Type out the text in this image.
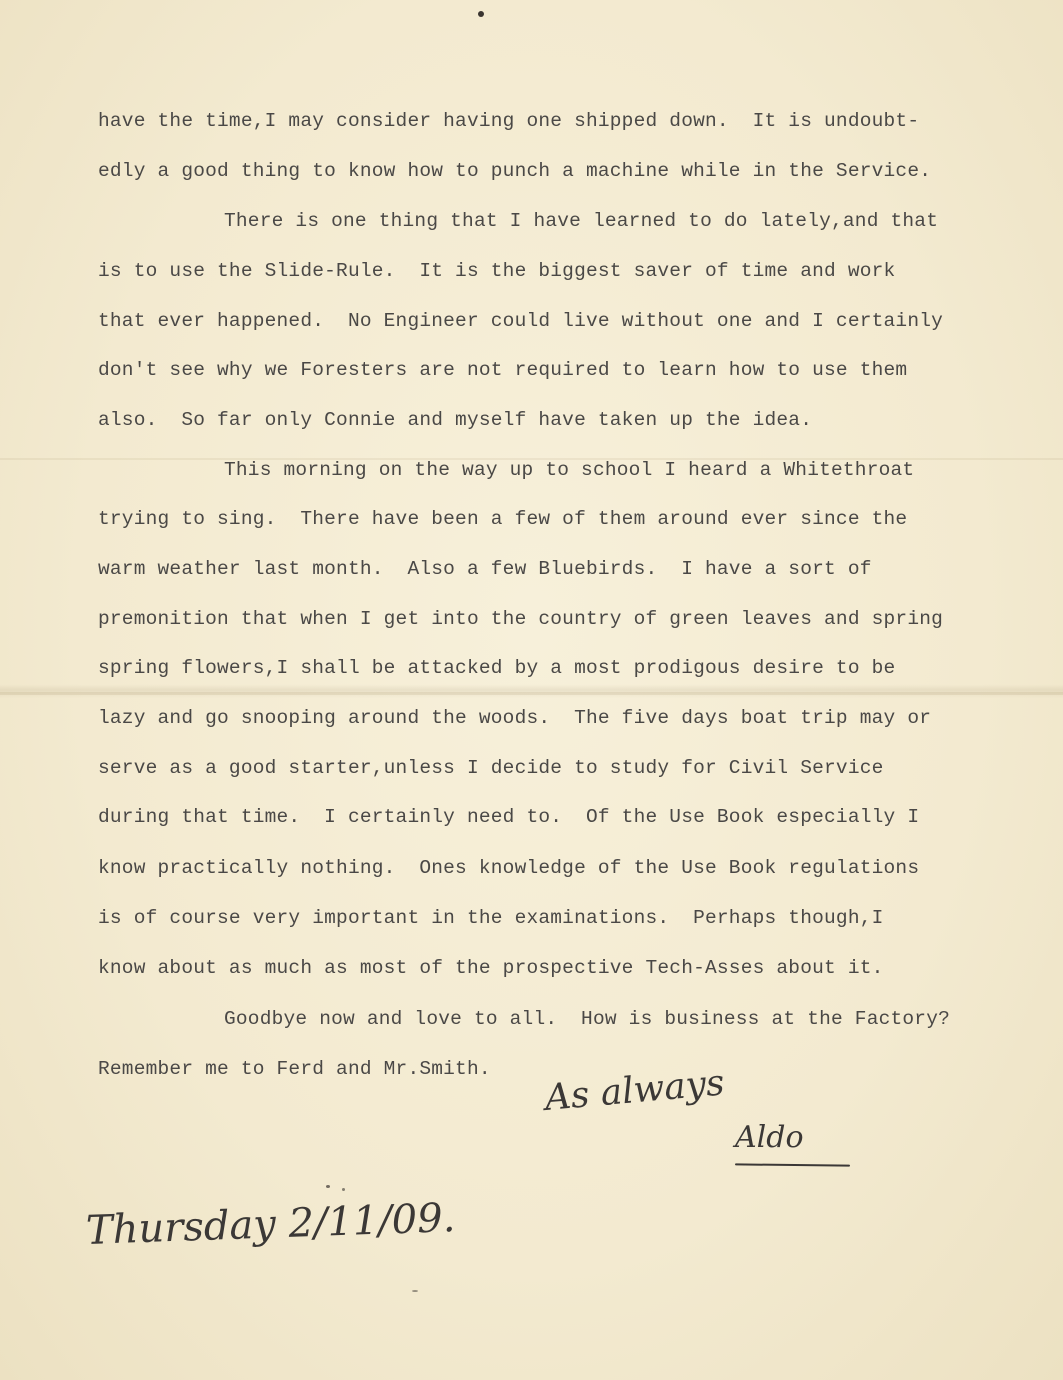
have the time,I may consider having one shipped down.  It is undoubt-
edly a good thing to know how to punch a machine while in the Service.
There is one thing that I have learned to do lately,and that
is to use the Slide-Rule.  It is the biggest saver of time and work
that ever happened.  No Engineer could live without one and I certainly
don't see why we Foresters are not required to learn how to use them
also.  So far only Connie and myself have taken up the idea.
This morning on the way up to school I heard a Whitethroat
trying to sing.  There have been a few of them around ever since the
warm weather last month.  Also a few Bluebirds.  I have a sort of
premonition that when I get into the country of green leaves and spring
spring flowers,I shall be attacked by a most prodigous desire to be
lazy and go snooping around the woods.  The five days boat trip may or
serve as a good starter,unless I decide to study for Civil Service
during that time.  I certainly need to.  Of the Use Book especially I
know practically nothing.  Ones knowledge of the Use Book regulations
is of course very important in the examinations.  Perhaps though,I
know about as much as most of the prospective Tech-Asses about it.
Goodbye now and love to all.  How is business at the Factory?
Remember me to Ferd and Mr.Smith. As always
Aldo
Thursday 2/11/09.
